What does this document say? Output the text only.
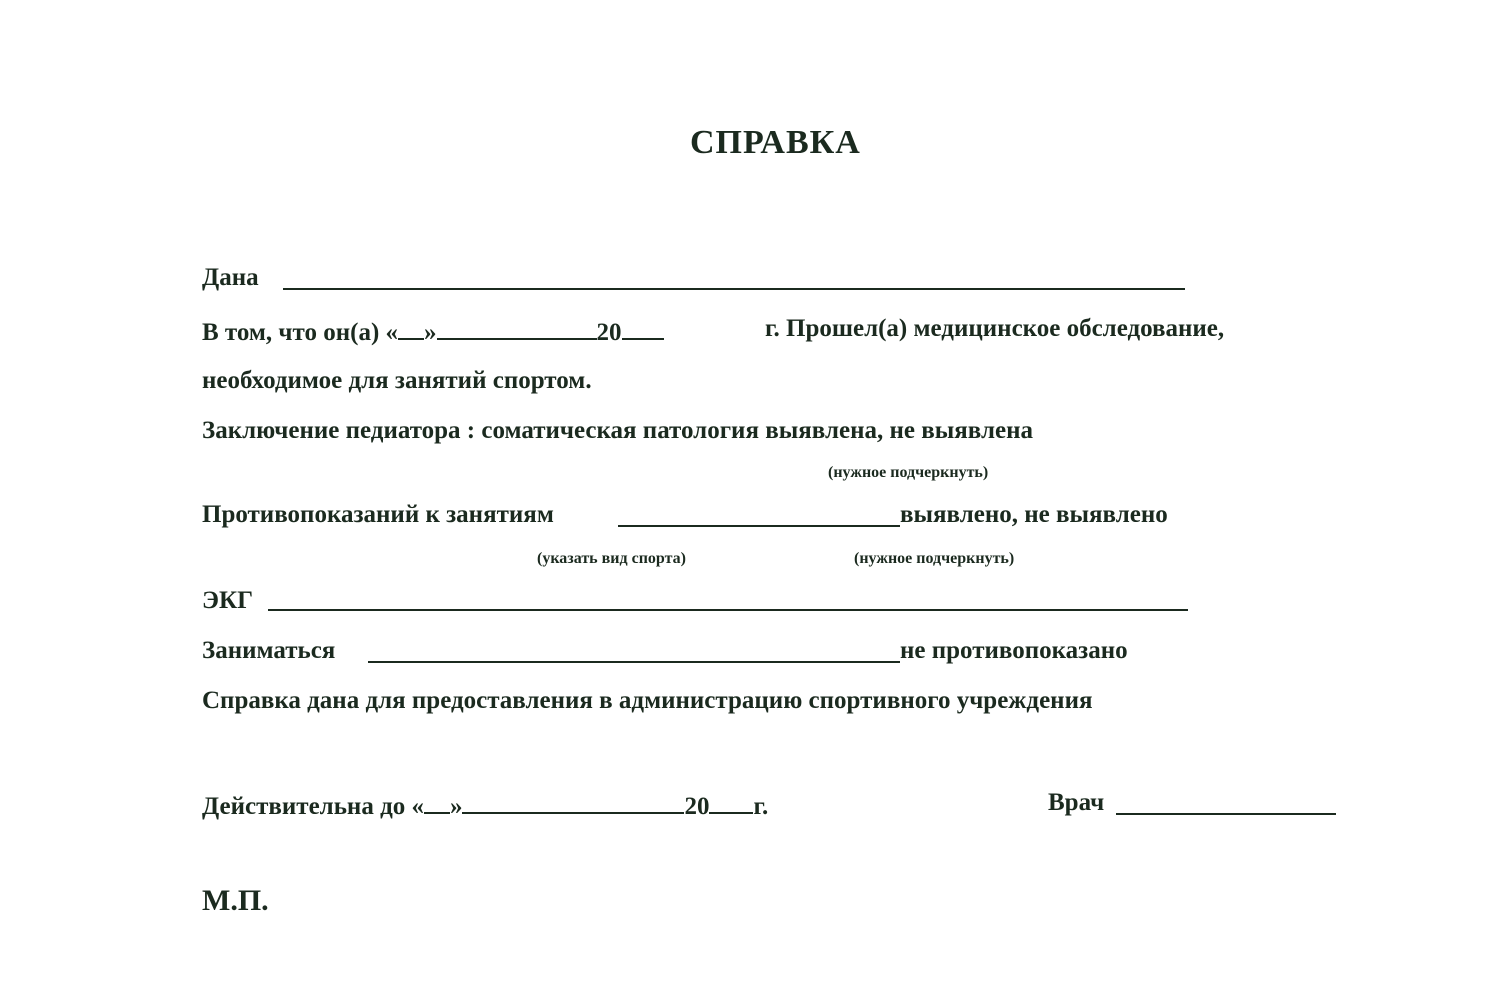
СПРАВКА
Дана
В том, что он(а) « »	20	г. Прошел(а) медицинское обследование,
необходимое для занятий спортом.
Заключение педиатора : соматическая патология выявлена, не выявлена
(нужное подчеркнуть)
Противопоказаний к занятиям	выявлено, не выявлено
(указать вид спорта)	(нужное подчеркнуть)
ЭКГ
Заниматься	не противопоказано
Справка дана для предоставления в администрацию спортивного учреждения
Действительна до « »	20 г.	Врач
М.П.
